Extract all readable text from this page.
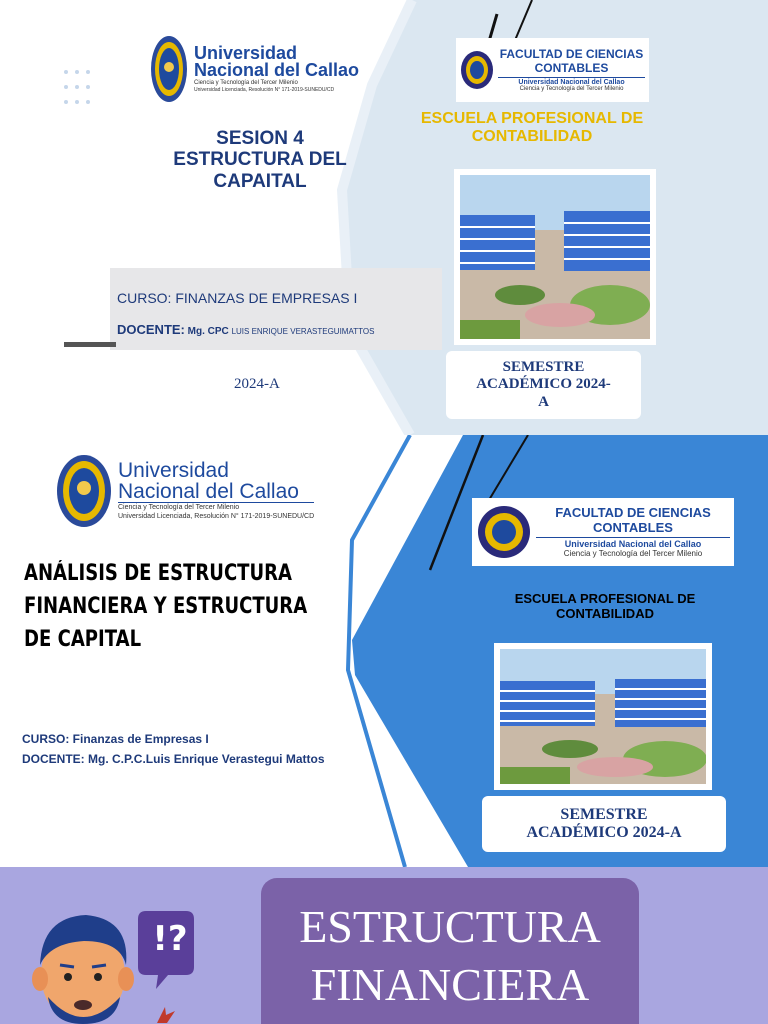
Universidad
Nacional del Callao
Ciencia y Tecnología del Tercer Milenio
Universidad Licenciada, Resolución N° 171-2019-SUNEDU/CD
SESION 4
ESTRUCTURA DEL
CAPAITAL
CURSO: FINANZAS DE EMPRESAS I
DOCENTE: Mg. CPC LUIS ENRIQUE VERASTEGUIMATTOS
2024-A
FACULTAD DE CIENCIAS
CONTABLES
Universidad Nacional del Callao
Ciencia y Tecnología del Tercer Milenio
ESCUELA PROFESIONAL DE
CONTABILIDAD
SEMESTRE
ACADÉMICO 2024-
A
Universidad
Nacional del Callao
Ciencia y Tecnología del Tercer Milenio
Universidad Licenciada, Resolución N° 171-2019-SUNEDU/CD
ANÁLISIS DE ESTRUCTURA
FINANCIERA Y ESTRUCTURA
DE CAPITAL
CURSO: Finanzas de Empresas I
DOCENTE: Mg. C.P.C.Luis Enrique Verastegui Mattos
FACULTAD DE CIENCIAS
CONTABLES
Universidad Nacional del Callao
Ciencia y Tecnología del Tercer Milenio
ESCUELA PROFESIONAL DE
CONTABILIDAD
SEMESTRE
ACADÉMICO 2024-A
!?	ESTRUCTURA
FINANCIERA
